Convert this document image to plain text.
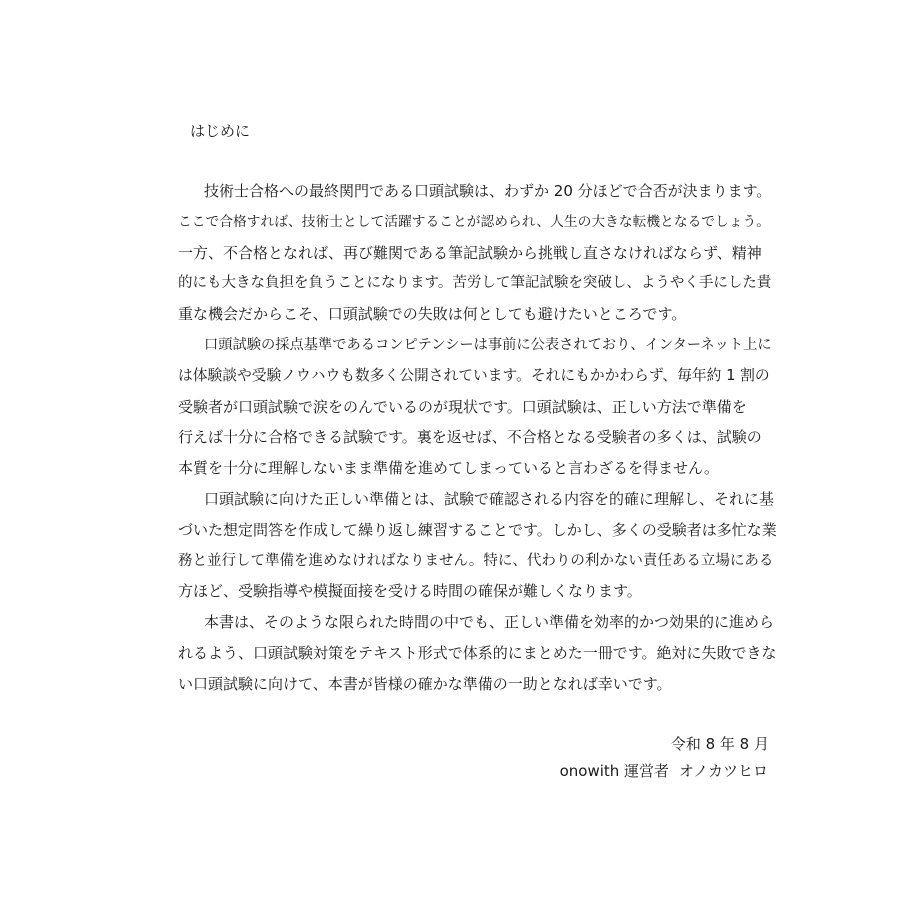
はじめに
技術士合格への最終関門である口頭試験は、わずか 20 分ほどで合否が決まります。
ここで合格すれば、技術士として活躍することが認められ、人生の大きな転機となるでしょう。
一方、不合格となれば、再び難関である筆記試験から挑戦し直さなければならず、精神
的にも大きな負担を負うことになります。苦労して筆記試験を突破し、ようやく手にした貴
重な機会だからこそ、口頭試験での失敗は何としても避けたいところです。
口頭試験の採点基準であるコンピテンシーは事前に公表されており、インターネット上に
は体験談や受験ノウハウも数多く公開されています。それにもかかわらず、毎年約 1 割の
受験者が口頭試験で涙をのんでいるのが現状です。口頭試験は、正しい方法で準備を
行えば十分に合格できる試験です。裏を返せば、不合格となる受験者の多くは、試験の
本質を十分に理解しないまま準備を進めてしまっていると言わざるを得ません。
口頭試験に向けた正しい準備とは、試験で確認される内容を的確に理解し、それに基
づいた想定問答を作成して繰り返し練習することです。しかし、多くの受験者は多忙な業
務と並行して準備を進めなければなりません。特に、代わりの利かない責任ある立場にある
方ほど、受験指導や模擬面接を受ける時間の確保が難しくなります。
本書は、そのような限られた時間の中でも、正しい準備を効率的かつ効果的に進めら
れるよう、口頭試験対策をテキスト形式で体系的にまとめた一冊です。絶対に失敗できな
い口頭試験に向けて、本書が皆様の確かな準備の一助となれば幸いです。
令和 8 年 8 月
onowith 運営者 オノカツヒロ
